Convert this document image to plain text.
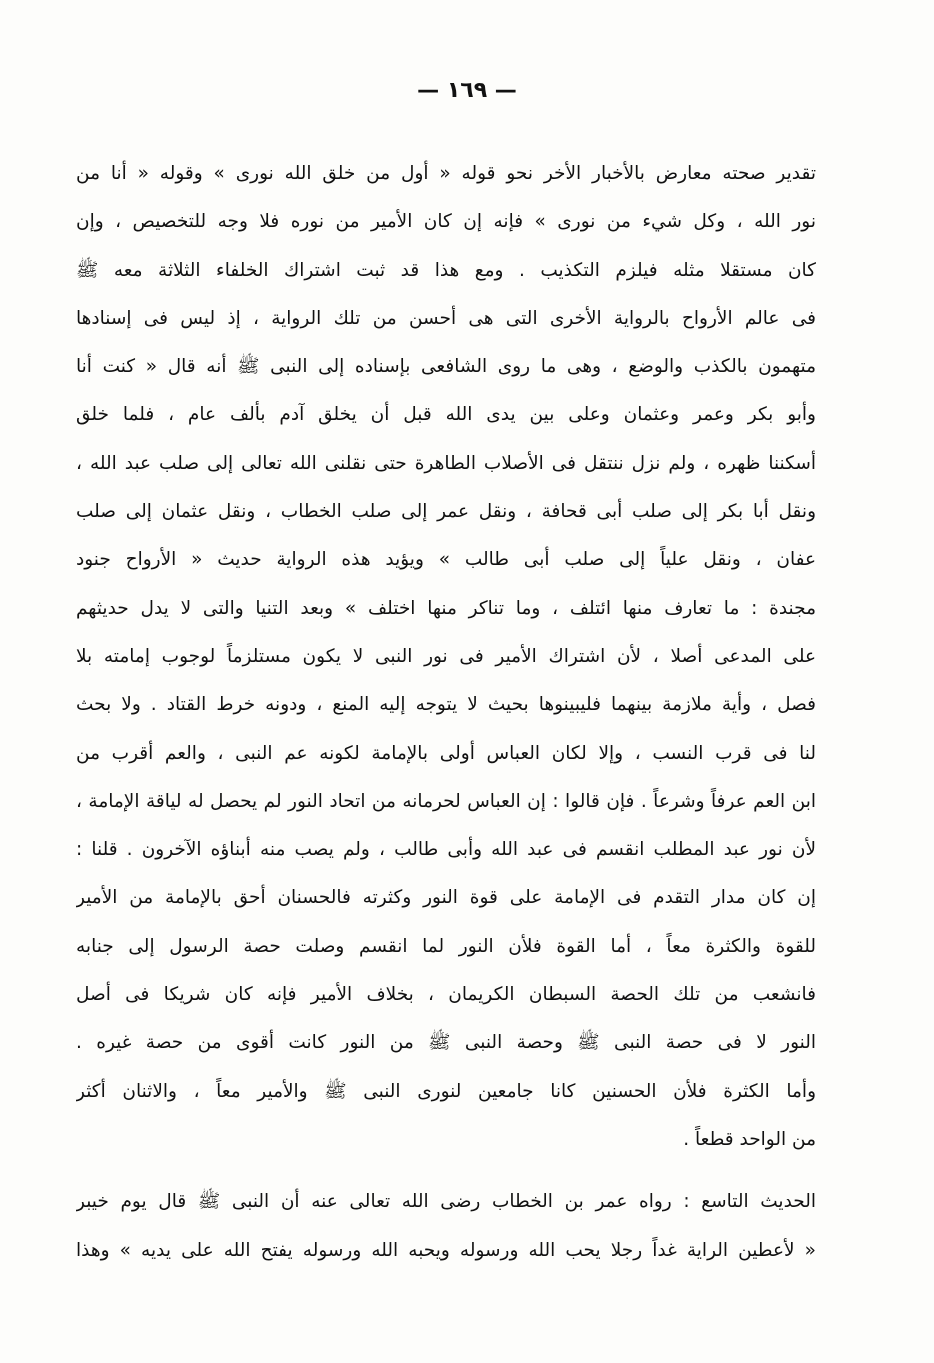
— ١٦٩ —
تقدير صحته معارض بالأخبار الأخر نحو قوله « أول من خلق الله نورى » وقوله « أنا من
نور الله ، وكل شيء من نورى » فإنه إن كان الأمير من نوره فلا وجه للتخصيص ، وإن
كان مستقلا مثله فيلزم التكذيب . ومع هذا قد ثبت اشتراك الخلفاء الثلاثة معه ﷺ
فى عالم الأرواح بالرواية الأخرى التى هى أحسن من تلك الرواية ، إذ ليس فى إسنادها
متهمون بالكذب والوضع ، وهى ما روى الشافعى بإسناده إلى النبى ﷺ أنه قال « كنت أنا
وأبو بكر وعمر وعثمان وعلى بين يدى الله قبل أن يخلق آدم بألف عام ، فلما خلق
أسكننا ظهره ، ولم نزل ننتقل فى الأصلاب الطاهرة حتى نقلنى الله تعالى إلى صلب عبد الله ،
ونقل أبا بكر إلى صلب أبى قحافة ، ونقل عمر إلى صلب الخطاب ، ونقل عثمان إلى صلب
عفان ، ونقل علياً إلى صلب أبى طالب » ويؤيد هذه الرواية حديث « الأرواح جنود
مجندة : ما تعارف منها ائتلف ، وما تناكر منها اختلف » وبعد التنيا والتى لا يدل حديثهم
على المدعى أصلا ، لأن اشتراك الأمير فى نور النبى لا يكون مستلزماً لوجوب إمامته بلا
فصل ، وأية ملازمة بينهما فليبينوها بحيث لا يتوجه إليه المنع ، ودونه خرط القتاد . ولا بحث
لنا فى قرب النسب ، وإلا لكان العباس أولى بالإمامة لكونه عم النبى ، والعم أقرب من
ابن العم عرفاً وشرعاً . فإن قالوا : إن العباس لحرمانه من اتحاد النور لم يحصل له لياقة الإمامة ،
لأن نور عبد المطلب انقسم فى عبد الله وأبى طالب ، ولم يصب منه أبناؤه الآخرون . قلنا :
إن كان مدار التقدم فى الإمامة على قوة النور وكثرته فالحسنان أحق بالإمامة من الأمير
للقوة والكثرة معاً ، أما القوة فلأن النور لما انقسم وصلت حصة الرسول إلى جنابه
فانشعب من تلك الحصة السبطان الكريمان ، بخلاف الأمير فإنه كان شريكا فى أصل
النور لا فى حصة النبى ﷺ وحصة النبى ﷺ من النور كانت أقوى من حصة غيره .
وأما الكثرة فلأن الحسنين كانا جامعين لنورى النبى ﷺ والأمير معاً ، والاثنان أكثر
من الواحد قطعاً .
الحديث التاسع : رواه عمر بن الخطاب رضى الله تعالى عنه أن النبى ﷺ قال يوم خيبر
« لأعطين الراية غداً رجلا يحب الله ورسوله ويحبه الله ورسوله يفتح الله على يديه » وهذا
